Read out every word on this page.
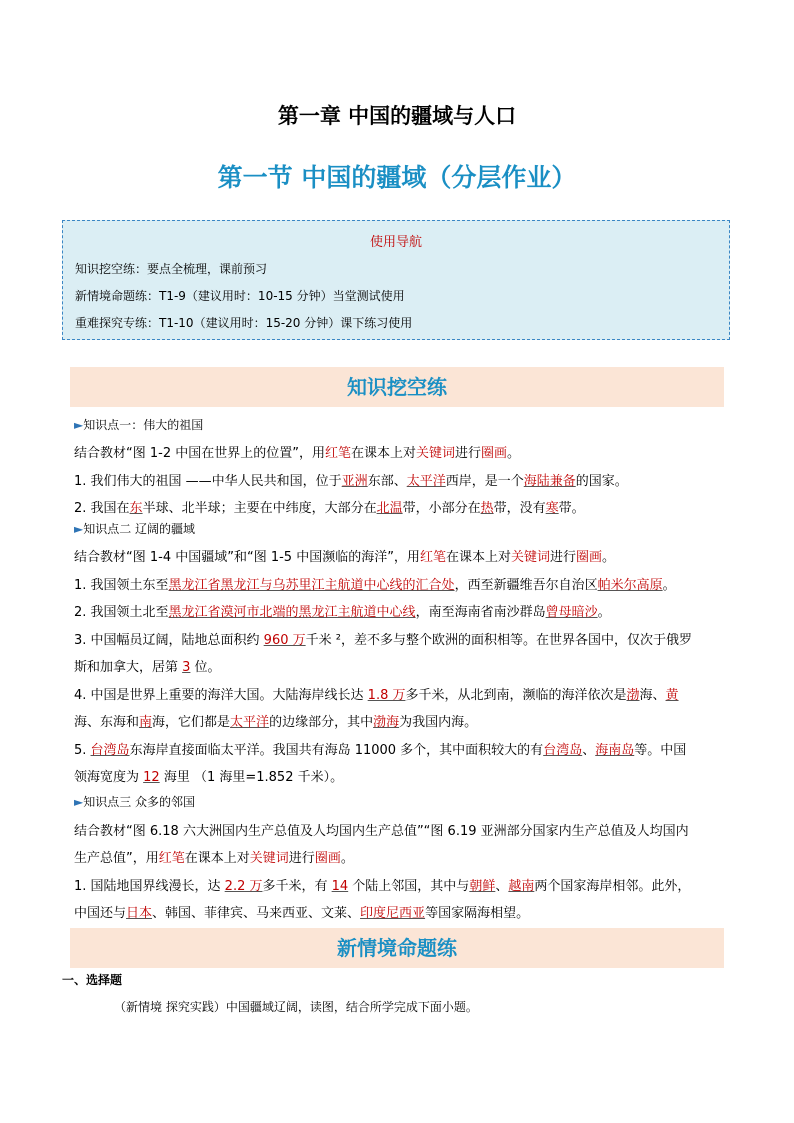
第一章 中国的疆域与人口
第一节 中国的疆域（分层作业）
使用导航
知识挖空练：要点全梳理，课前预习
新情境命题练：T1-9（建议用时：10-15 分钟）当堂测试使用
重难探究专练：T1-10（建议用时：15-20 分钟）课下练习使用
知识挖空练
►知识点一：伟大的祖国
结合教材“图 1-2 中国在世界上的位置”，用红笔在课本上对关键词进行圈画。
1. 我们伟大的祖国 ——中华人民共和国，位于亚洲东部、太平洋西岸，是一个海陆兼备的国家。
2. 我国在东半球、北半球；主要在中纬度，大部分在北温带，小部分在热带，没有寒带。
►知识点二 辽阔的疆域
结合教材“图 1-4 中国疆域”和“图 1-5 中国濒临的海洋”，用红笔在课本上对关键词进行圈画。
1. 我国领土东至黑龙江省黑龙江与乌苏里江主航道中心线的汇合处，西至新疆维吾尔自治区帕米尔高原。
2. 我国领土北至黑龙江省漠河市北端的黑龙江主航道中心线，南至海南省南沙群岛曾母暗沙。
3. 中国幅员辽阔，陆地总面积约 960 万千米 ²，差不多与整个欧洲的面积相等。在世界各国中，仅次于俄罗
斯和加拿大，居第 3 位。
4. 中国是世界上重要的海洋大国。大陆海岸线长达 1.8 万多千米，从北到南，濒临的海洋依次是渤海、黄
海、东海和南海，它们都是太平洋的边缘部分，其中渤海为我国内海。
5. 台湾岛东海岸直接面临太平洋。我国共有海岛 11000 多个，其中面积较大的有台湾岛、海南岛等。中国
领海宽度为 12 海里 （1 海里=1.852 千米）。
►知识点三 众多的邻国
结合教材“图 6.18 六大洲国内生产总值及人均国内生产总值”“图 6.19 亚洲部分国家内生产总值及人均国内
生产总值”，用红笔在课本上对关键词进行圈画。
1. 国陆地国界线漫长，达 2.2 万多千米，有 14 个陆上邻国，其中与朝鲜、越南两个国家海岸相邻。此外，
中国还与日本、韩国、菲律宾、马来西亚、文莱、印度尼西亚等国家隔海相望。
新情境命题练
一、选择题
（新情境 探究实践）中国疆域辽阔，读图，结合所学完成下面小题。
